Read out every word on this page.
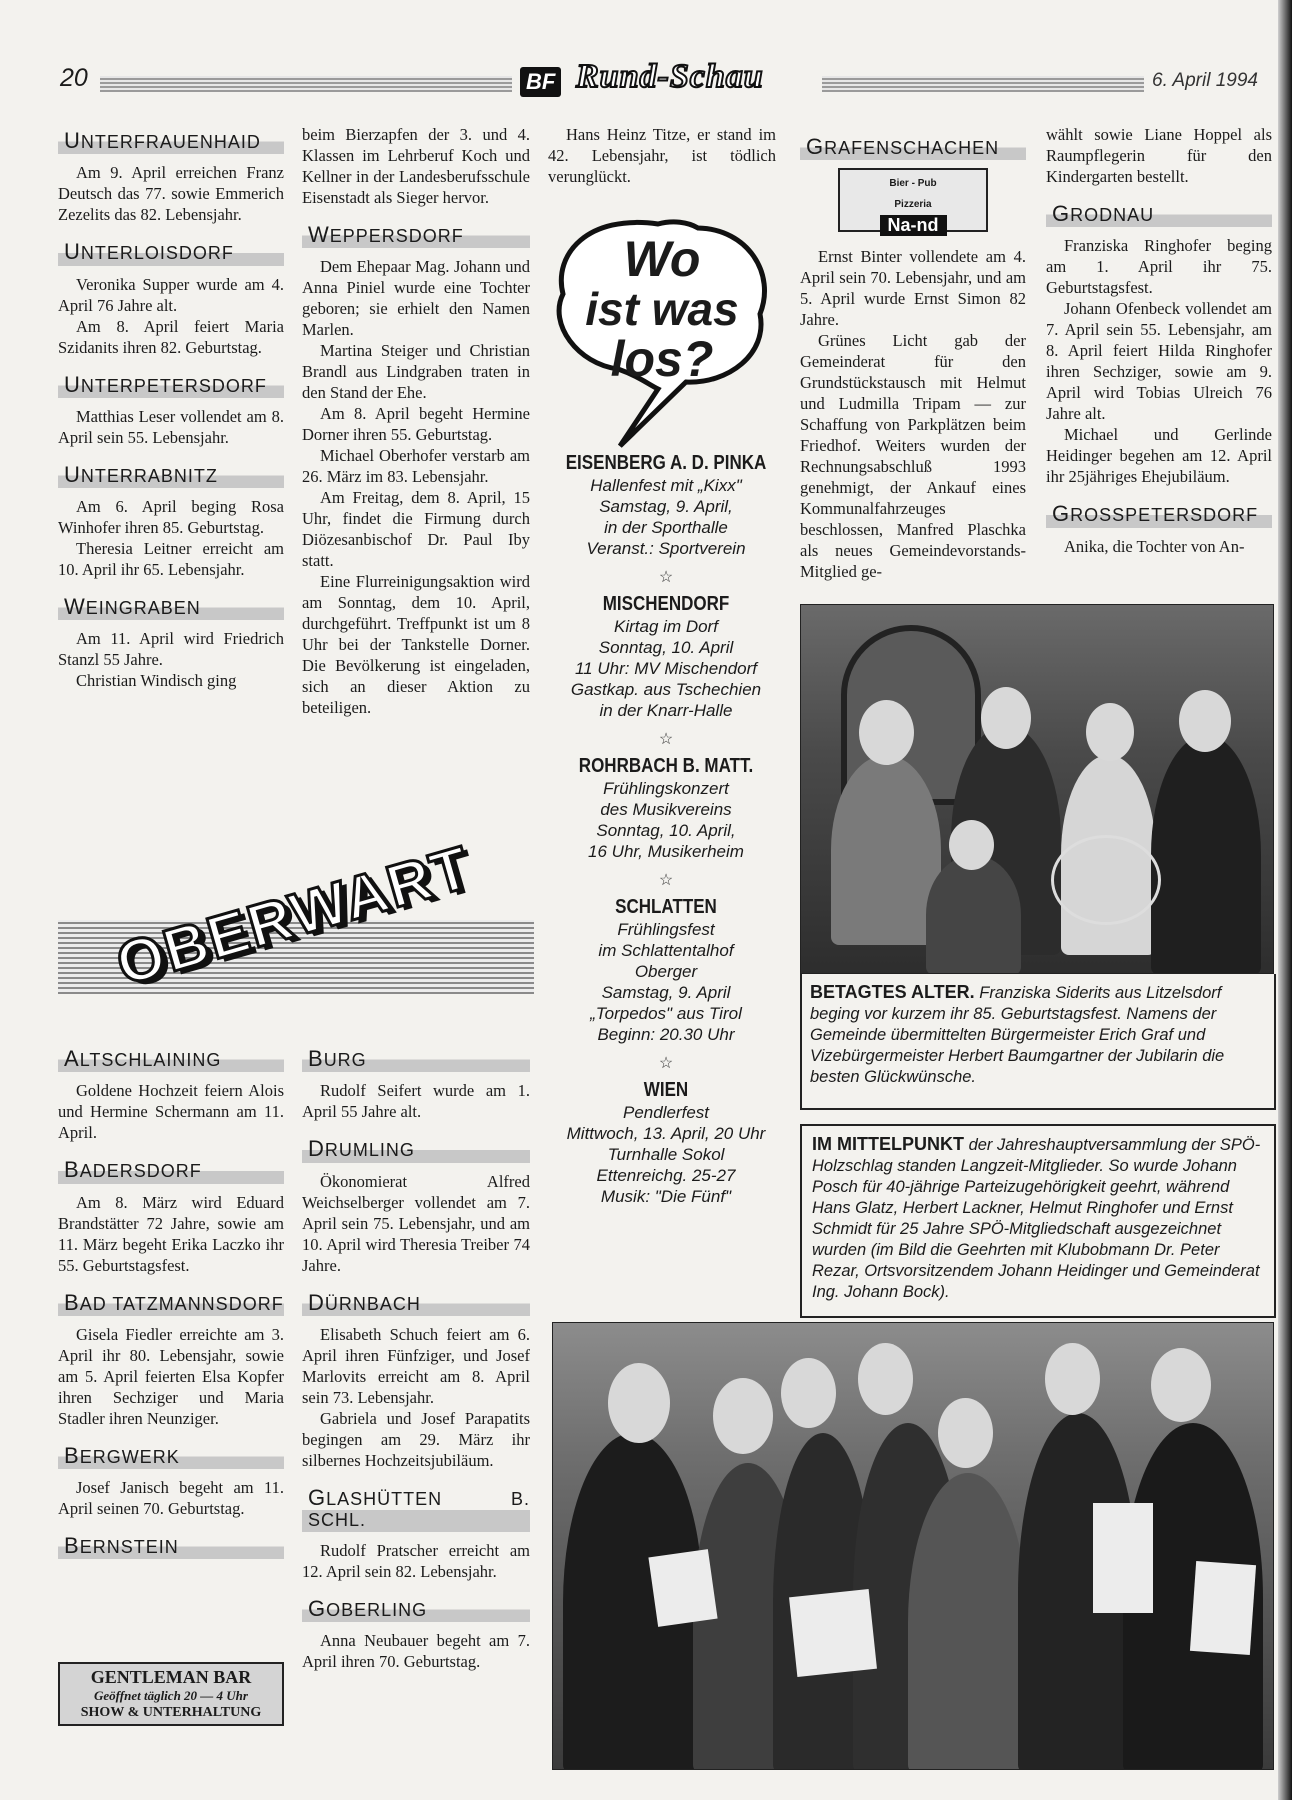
20	BF Rund-Schau	6. April 1994
UNTERFRAUENHAID

Am 9. April erreichen Franz Deutsch das 77. sowie Emmerich Zezelits das 82. Lebensjahr.

UNTERLOISDORF

Veronika Supper wurde am 4. April 76 Jahre alt.

Am 8. April feiert Maria Szidanits ihren 82. Geburtstag.

UNTERPETERSDORF

Matthias Leser vollendet am 8. April sein 55. Lebensjahr.

UNTERRABNITZ

Am 6. April beging Rosa Winhofer ihren 85. Geburtstag.

Theresia Leitner erreicht am 10. April ihr 65. Lebensjahr.

WEINGRABEN

Am 11. April wird Friedrich Stanzl 55 Jahre.

Christian Windisch ging

beim Bierzapfen der 3. und 4. Klassen im Lehrberuf Koch und Kellner in der Landesberufsschule Eisenstadt als Sieger hervor.

WEPPERSDORF

Dem Ehepaar Mag. Johann und Anna Piniel wurde eine Tochter geboren; sie erhielt den Namen Marlen.

Martina Steiger und Christian Brandl aus Lindgraben traten in den Stand der Ehe.

Am 8. April begeht Hermine Dorner ihren 55. Geburtstag.

Michael Oberhofer verstarb am 26. März im 83. Lebensjahr.

Am Freitag, dem 8. April, 15 Uhr, findet die Firmung durch Diözesanbischof Dr. Paul Iby statt.

Eine Flurreinigungsaktion wird am Sonntag, dem 10. April, durchgeführt. Treffpunkt ist um 8 Uhr bei der Tankstelle Dorner. Die Bevölkerung ist eingeladen, sich an dieser Aktion zu beteiligen.

Hans Heinz Titze, er stand im 42. Lebensjahr, ist tödlich verunglückt.

Wo
ist was
los?
EISENBERG A. D. PINKA
Hallenfest mit „Kixx"
Samstag, 9. April,
in der Sporthalle
Veranst.: Sportverein
☆
MISCHENDORF
Kirtag im Dorf
Sonntag, 10. April
11 Uhr: MV Mischendorf
Gastkap. aus Tschechien
in der Knarr-Halle
☆
ROHRBACH B. MATT.
Frühlingskonzert
des Musikvereins
Sonntag, 10. April,
16 Uhr, Musikerheim
☆
SCHLATTEN
Frühlingsfest
im Schlattentalhof
Oberger
Samstag, 9. April
„Torpedos" aus Tirol
Beginn: 20.30 Uhr
☆
WIEN
Pendlerfest
Mittwoch, 13. April, 20 Uhr
Turnhalle Sokol
Ettenreichg. 25-27
Musik: "Die Fünf"
GRAFENSCHACHEN
Bier - Pub
Pizzeria
Na-nd

Ernst Binter vollendete am 4. April sein 70. Lebensjahr, und am 5. April wurde Ernst Simon 82 Jahre.

Grünes Licht gab der Gemeinderat für den Grundstückstausch mit Helmut und Ludmilla Tripam — zur Schaffung von Parkplätzen beim Friedhof. Weiters wurden der Rechnungsabschluß 1993 genehmigt, der Ankauf eines Kommunalfahrzeuges beschlossen, Manfred Plaschka als neues Gemeindevorstands-Mitglied ge-

wählt sowie Liane Hoppel als Raumpflegerin für den Kindergarten bestellt.

GRODNAU

Franziska Ringhofer beging am 1. April ihr 75. Geburtstagsfest.

Johann Ofenbeck vollendet am 7. April sein 55. Lebensjahr, am 8. April feiert Hilda Ringhofer ihren Sechziger, sowie am 9. April wird Tobias Ulreich 76 Jahre alt.

Michael und Gerlinde Heidinger begehen am 12. April ihr 25jähriges Ehejubiläum.

GROSSPETERSDORF

Anika, die Tochter von An-

BETAGTES ALTER. Franziska Siderits aus Litzelsdorf beging vor kurzem ihr 85. Geburtstagsfest. Namens der Gemeinde übermittelten Bürgermeister Erich Graf und Vizebürgermeister Herbert Baumgartner der Jubilarin die besten Glückwünsche.
IM MITTELPUNKT der Jahreshauptversammlung der SPÖ-Holzschlag standen Langzeit-Mitglieder. So wurde Johann Posch für 40-jährige Parteizugehörigkeit geehrt, während Hans Glatz, Herbert Lackner, Helmut Ringhofer und Ernst Schmidt für 25 Jahre SPÖ-Mitgliedschaft ausgezeichnet wurden (im Bild die Geehrten mit Klubobmann Dr. Peter Rezar, Ortsvorsitzendem Johann Heidinger und Gemeinderat Ing. Johann Bock).
OBERWART
ALTSCHLAINING

Goldene Hochzeit feiern Alois und Hermine Schermann am 11. April.

BADERSDORF

Am 8. März wird Eduard Brandstätter 72 Jahre, sowie am 11. März begeht Erika Laczko ihr 55. Geburtstagsfest.

BAD TATZMANNSDORF

Gisela Fiedler erreichte am 3. April ihr 80. Lebensjahr, sowie am 5. April feierten Elsa Kopfer ihren Sechziger und Maria Stadler ihren Neunziger.

BERGWERK

Josef Janisch begeht am 11. April seinen 70. Geburtstag.

BERNSTEIN
BURG

Rudolf Seifert wurde am 1. April 55 Jahre alt.

DRUMLING

Ökonomierat Alfred Weichselberger vollendet am 7. April sein 75. Lebensjahr, und am 10. April wird Theresia Treiber 74 Jahre.

DÜRNBACH

Elisabeth Schuch feiert am 6. April ihren Fünfziger, und Josef Marlovits erreicht am 8. April sein 73. Lebensjahr.

Gabriela und Josef Parapatits begingen am 29. März ihr silbernes Hochzeitsjubiläum.

GLASHÜTTEN B. SCHL.

Rudolf Pratscher erreicht am 12. April sein 82. Lebensjahr.

GOBERLING

Anna Neubauer begeht am 7. April ihren 70. Geburtstag.

GENTLEMAN BAR
Geöffnet täglich 20 — 4 Uhr
SHOW & UNTERHALTUNG
